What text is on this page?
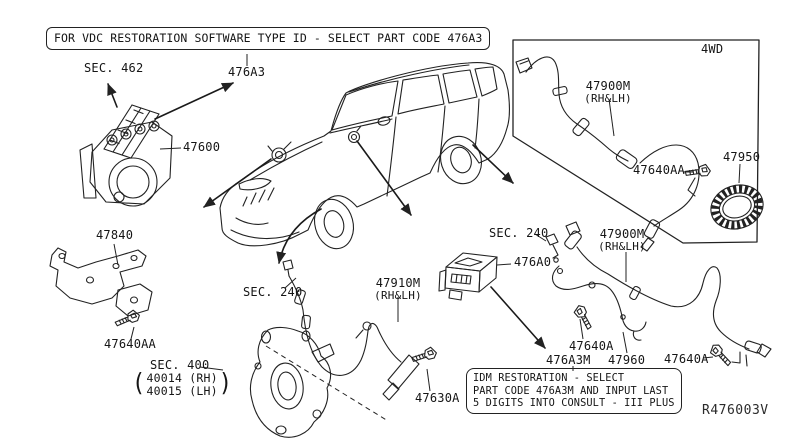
FOR VDC RESTORATION SOFTWARE TYPE ID - SELECT PART CODE 476A3
SEC. 462	476A3
47600
47840
47640AA
SEC. 400
( 40014 (RH)
40015 (LH) )
SEC. 240
47910M
(RH&LH)
47630A
SEC. 240
476A0
4WD
47900M
(RH&LH)
47640AA
47950
47900M
(RH&LH)
47640A
476A3M 47960 47640A
IDM RESTORATION - SELECT
PART CODE 476A3M AND INPUT LAST
5 DIGITS INTO CONSULT - III PLUS R476003V
